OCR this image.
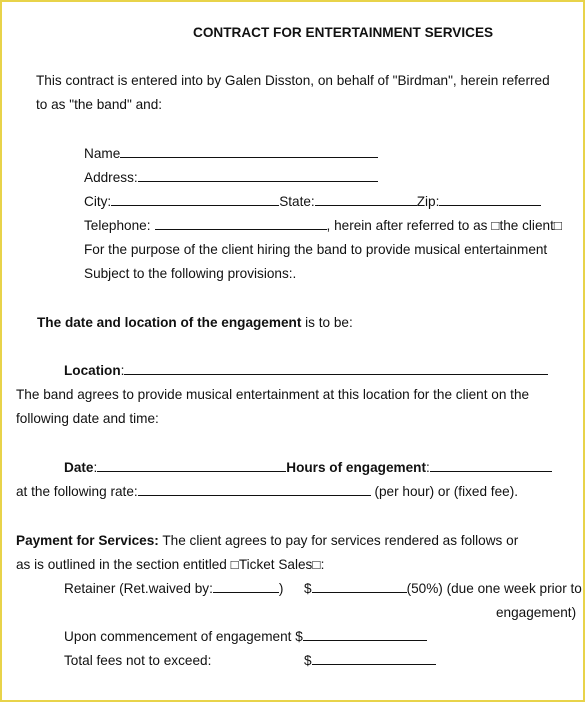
CONTRACT FOR ENTERTAINMENT SERVICES
This contract is entered into by Galen Disston, on behalf of "Birdman", herein referred
to as "the band" and:
Name
Address:
City:	State:	Zip:
Telephone:	, herein after referred to as □the client□
For the purpose of the client hiring the band to provide musical entertainment
Subject to the following provisions:.
The date and location of the engagement is to be:
Location:
The band agrees to provide musical entertainment at this location for the client on the
following date and time:
Date:	Hours of engagement:
at the following rate:	(per hour) or (fixed fee).
Payment for Services: The client agrees to pay for services rendered as follows or
as is outlined in the section entitled □Ticket Sales□:
Retainer (Ret.waived by:	) $	(50%) (due one week prior to
engagement)
Upon commencement of engagement $
Total fees not to exceed:	$
